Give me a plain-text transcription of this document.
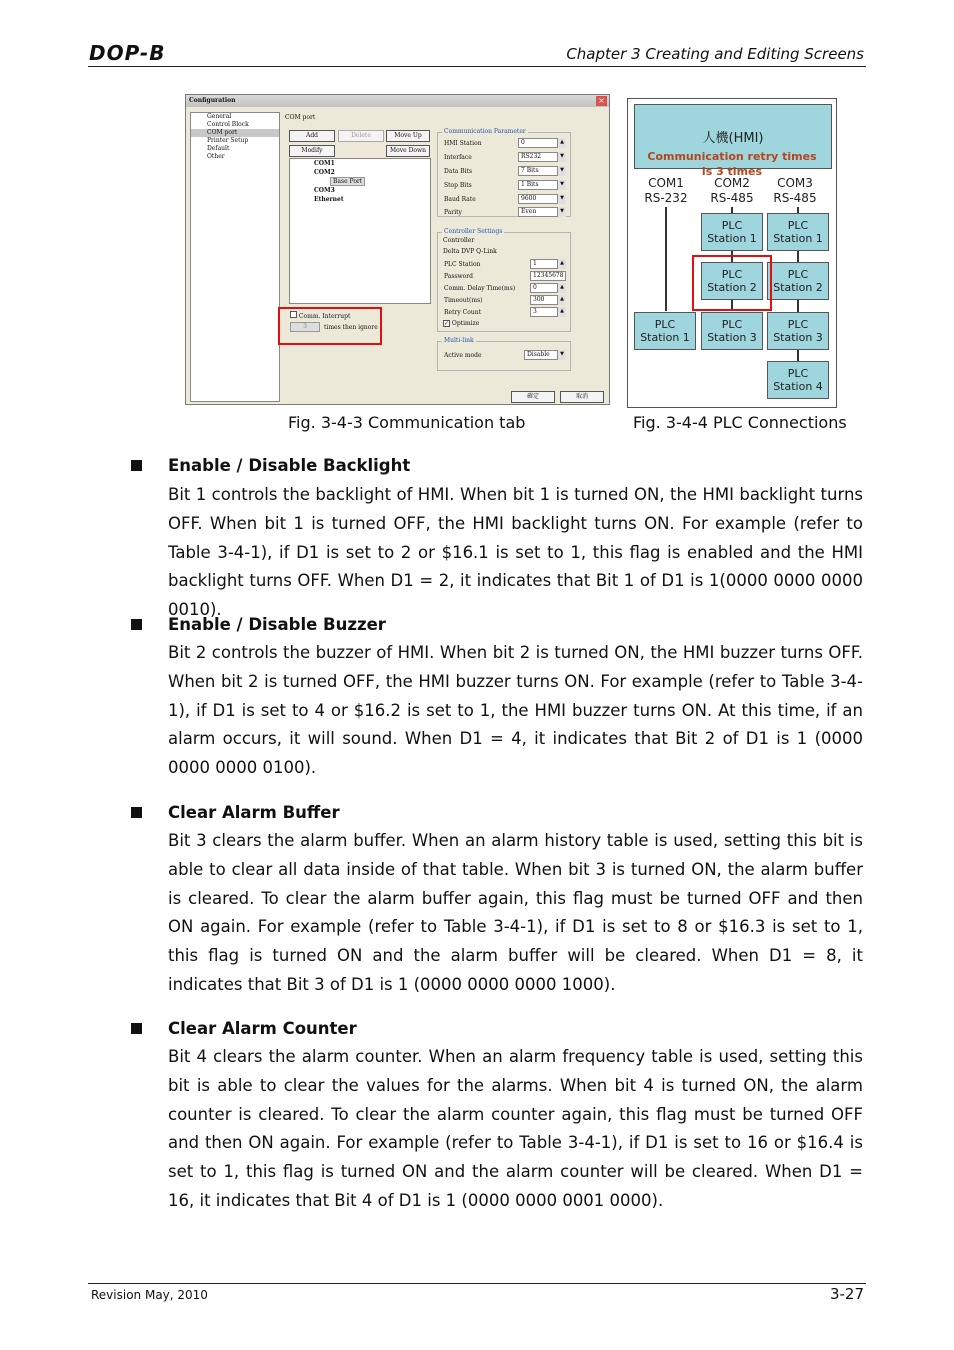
DOP-B	Chapter 3 Creating and Editing Screens
Configuration	×
General
Control Block
COM port
Printer Setup
Default
Other
COM port
Add	Delete	Move Up
Modify	Move Down
COM1
COM2
Base Port
COM3
Ethernet
Communication Parameter
HMI Station	0	▲
Interface	RS232	▼
Data Bits	7 Bits	▼
Stop Bits	1 Bits	▼
Baud Rate	9600	▼
Parity	Even	▼
Controller Settings
Controller
Delta DVP Q-Link
PLC Station	1	▲
Password	12345678
Comm. Delay Time(ms)	0	▲
Timeout(ms)	300	▲
Retry Count	3	▲
✓ Optimize
Multi-link
Active mode	Disable	▼
Comm. Interrupt
3	times then ignore
確定	取消
人機(HMI)
Communication retry times
is 3 times
COM1
RS-232
COM2
RS-485
COM3
RS-485
PLC
Station 1
PLC
Station 1
PLC
Station 2
PLC
Station 2
PLC
Station 1
PLC
Station 3
PLC
Station 3
PLC
Station 4
Fig. 3-4-3 Communication tab	Fig. 3-4-4 PLC Connections
Enable / Disable Backlight

Bit 1 controls the backlight of HMI. When bit 1 is turned ON, the HMI backlight turns OFF. When bit 1 is turned OFF, the HMI backlight turns ON. For example (refer to Table 3-4-1), if D1 is set to 2 or $16.1 is set to 1, this flag is enabled and the HMI backlight turns OFF. When D1 = 2, it indicates that Bit 1 of D1 is 1(0000 0000 0000 0010).

Enable / Disable Buzzer

Bit 2 controls the buzzer of HMI. When bit 2 is turned ON, the HMI buzzer turns OFF. When bit 2 is turned OFF, the HMI buzzer turns ON. For example (refer to Table 3-4-1), if D1 is set to 4 or $16.2 is set to 1, the HMI buzzer turns ON. At this time, if an alarm occurs, it will sound. When D1 = 4, it indicates that Bit 2 of D1 is 1 (0000 0000 0000 0100).

Clear Alarm Buffer

Bit 3 clears the alarm buffer. When an alarm history table is used, setting this bit is able to clear all data inside of that table. When bit 3 is turned ON, the alarm buffer is cleared. To clear the alarm buffer again, this flag must be turned OFF and then ON again. For example (refer to Table 3-4-1), if D1 is set to 8 or $16.3 is set to 1, this flag is turned ON and the alarm buffer will be cleared. When D1 = 8, it indicates that Bit 3 of D1 is 1 (0000 0000 0000 1000).

Clear Alarm Counter

Bit 4 clears the alarm counter. When an alarm frequency table is used, setting this bit is able to clear the values for the alarms. When bit 4 is turned ON, the alarm counter is cleared. To clear the alarm counter again, this flag must be turned OFF and then ON again. For example (refer to Table 3-4-1), if D1 is set to 16 or $16.4 is set to 1, this flag is turned ON and the alarm counter will be cleared. When D1 = 16, it indicates that Bit 4 of D1 is 1 (0000 0000 0001 0000).

Revision May, 2010	3-27
